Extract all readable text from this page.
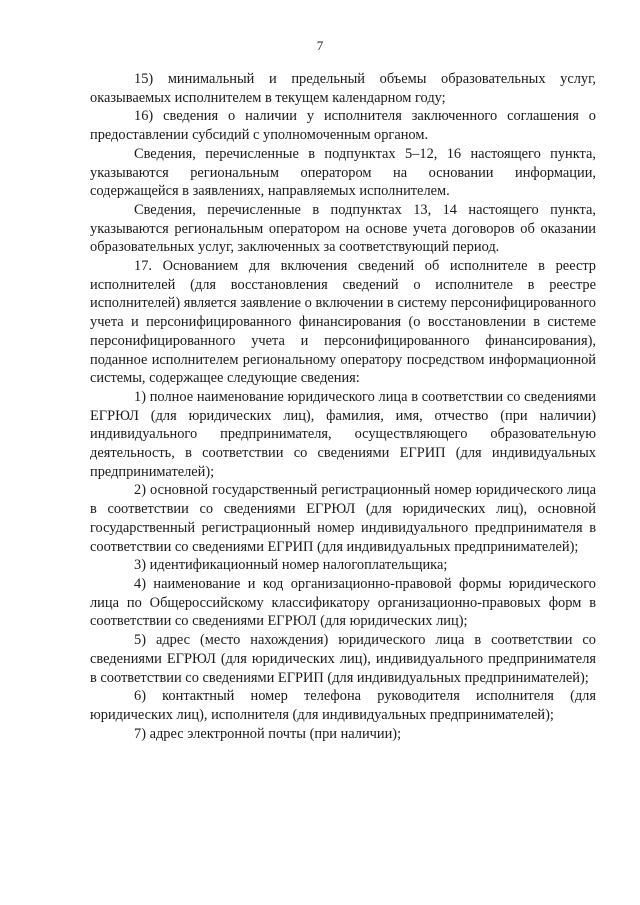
7

15) минимальный и предельный объемы образовательных услуг, оказываемых исполнителем в текущем календарном году;

16) сведения о наличии у исполнителя заключенного соглашения о предоставлении субсидий с уполномоченным органом.

Сведения, перечисленные в подпунктах 5–12, 16 настоящего пункта, указываются региональным оператором на основании информации, содержащейся в заявлениях, направляемых исполнителем.

Сведения, перечисленные в подпунктах 13, 14 настоящего пункта, указываются региональным оператором на основе учета договоров об оказании образовательных услуг, заключенных за соответствующий период.

17. Основанием для включения сведений об исполнителе в реестр исполнителей (для восстановления сведений о исполнителе в реестре исполнителей) является заявление о включении в систему персонифицированного учета и персонифицированного финансирования (о восстановлении в системе персонифицированного учета и персонифицированного финансирования), поданное исполнителем региональному оператору посредством информационной системы, содержащее следующие сведения:

1) полное наименование юридического лица в соответствии со сведениями ЕГРЮЛ (для юридических лиц), фамилия, имя, отчество (при наличии) индивидуального предпринимателя, осуществляющего образовательную деятельность, в соответствии со сведениями ЕГРИП (для индивидуальных предпринимателей);

2) основной государственный регистрационный номер юридического лица в соответствии со сведениями ЕГРЮЛ (для юридических лиц), основной государственный регистрационный номер индивидуального предпринимателя в соответствии со сведениями ЕГРИП (для индивидуальных предпринимателей);

3) идентификационный номер налогоплательщика;

4) наименование и код организационно-правовой формы юридического лица по Общероссийскому классификатору организационно-правовых форм в соответствии со сведениями ЕГРЮЛ (для юридических лиц);

5) адрес (место нахождения) юридического лица в соответствии со сведениями ЕГРЮЛ (для юридических лиц), индивидуального предпринимателя в соответствии со сведениями ЕГРИП (для индивидуальных предпринимателей);

6) контактный номер телефона руководителя исполнителя (для юридических лиц), исполнителя (для индивидуальных предпринимателей);

7) адрес электронной почты (при наличии);
